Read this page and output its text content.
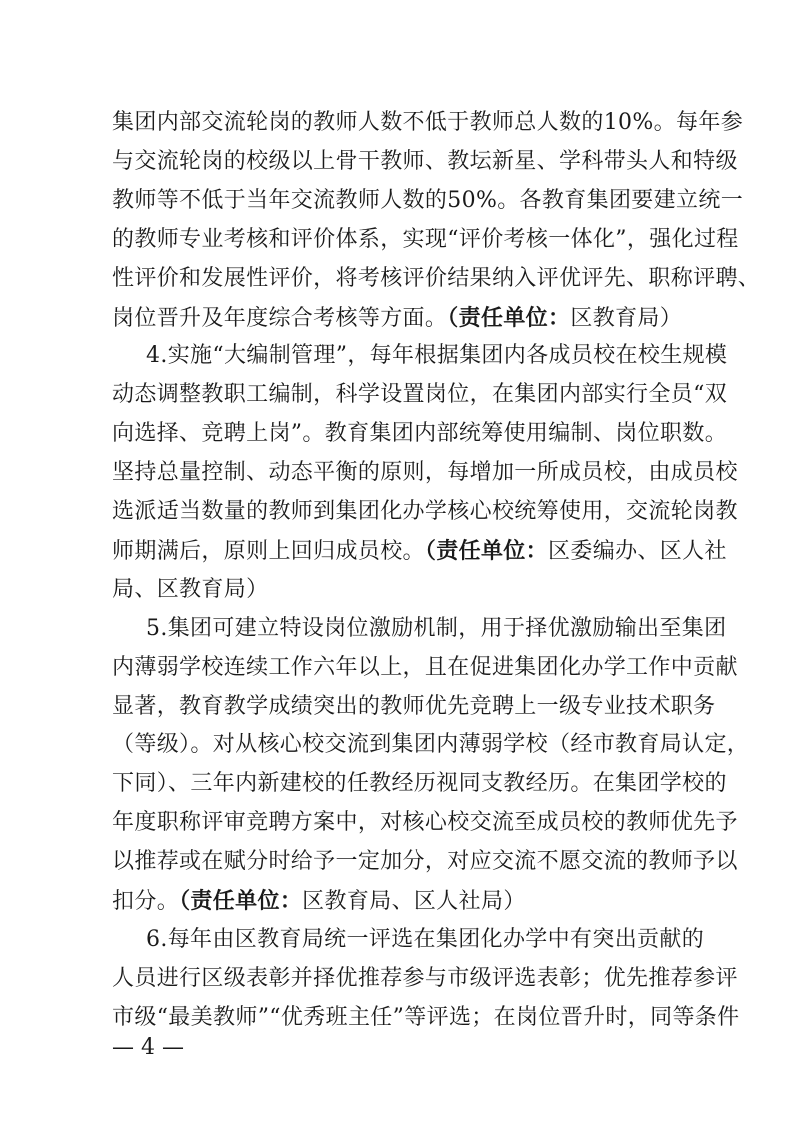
— 4 —
集团内部交流轮岗的教师人数不低于教师总人数的10%。每年参
与交流轮岗的校级以上骨干教师、教坛新星、学科带头人和特级
教师等不低于当年交流教师人数的50%。各教育集团要建立统一
的教师专业考核和评价体系，实现“评价考核一体化”，强化过程
性评价和发展性评价，将考核评价结果纳入评优评先、职称评聘、
岗位晋升及年度综合考核等方面。（责任单位：区教育局）
4.实施“大编制管理”，每年根据集团内各成员校在校生规模
动态调整教职工编制，科学设置岗位，在集团内部实行全员“双
向选择、竞聘上岗”。教育集团内部统筹使用编制、岗位职数。
坚持总量控制、动态平衡的原则，每增加一所成员校，由成员校
选派适当数量的教师到集团化办学核心校统筹使用，交流轮岗教
师期满后，原则上回归成员校。（责任单位：区委编办、区人社
局、区教育局）
5.集团可建立特设岗位激励机制，用于择优激励输出至集团
内薄弱学校连续工作六年以上，且在促进集团化办学工作中贡献
显著，教育教学成绩突出的教师优先竞聘上一级专业技术职务
（等级）。对从核心校交流到集团内薄弱学校（经市教育局认定，
下同）、三年内新建校的任教经历视同支教经历。在集团学校的
年度职称评审竞聘方案中，对核心校交流至成员校的教师优先予
以推荐或在赋分时给予一定加分，对应交流不愿交流的教师予以
扣分。（责任单位：区教育局、区人社局）
6.每年由区教育局统一评选在集团化办学中有突出贡献的
人员进行区级表彰并择优推荐参与市级评选表彰；优先推荐参评
市级“最美教师”“优秀班主任”等评选；在岗位晋升时，同等条件
